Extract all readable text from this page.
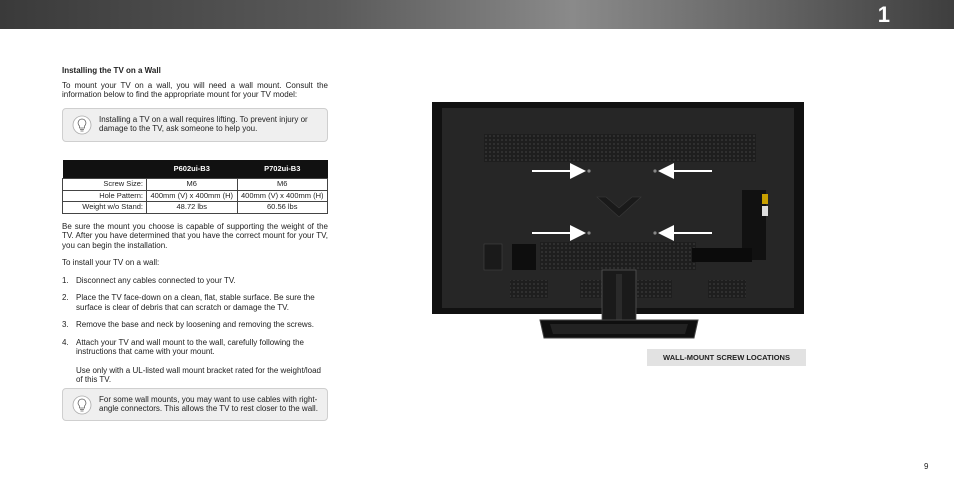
1
Installing the TV on a Wall

To mount your TV on a wall, you will need a wall mount. Consult the information below to find the appropriate mount for your TV model:

Installing a TV on a wall requires lifting. To prevent injury or damage to the TV, ask someone to help you.
	P602ui-B3	P702ui-B3
Screw Size:	M6	M6
Hole Pattern:	400mm (V) x 400mm (H)	400mm (V) x 400mm (H)
Weight w/o Stand:	48.72 lbs	60.56 lbs

Be sure the mount you choose is capable of supporting the weight of the TV. After you have determined that you have the correct mount for your TV, you can begin the installation.

To install your TV on a wall:

1. Disconnect any cables connected to your TV.
2. Place the TV face-down on a clean, flat, stable surface. Be sure the surface is clear of debris that can scratch or damage the TV.
3. Remove the base and neck by loosening and removing the screws.
4. Attach your TV and wall mount to the wall, carefully following the instructions that came with your mount.
Use only with a UL-listed wall mount bracket rated for the weight/load of this TV.
For some wall mounts, you may want to use cables with right-angle connectors. This allows the TV to rest closer to the wall.
WALL-MOUNT SCREW LOCATIONS
9
